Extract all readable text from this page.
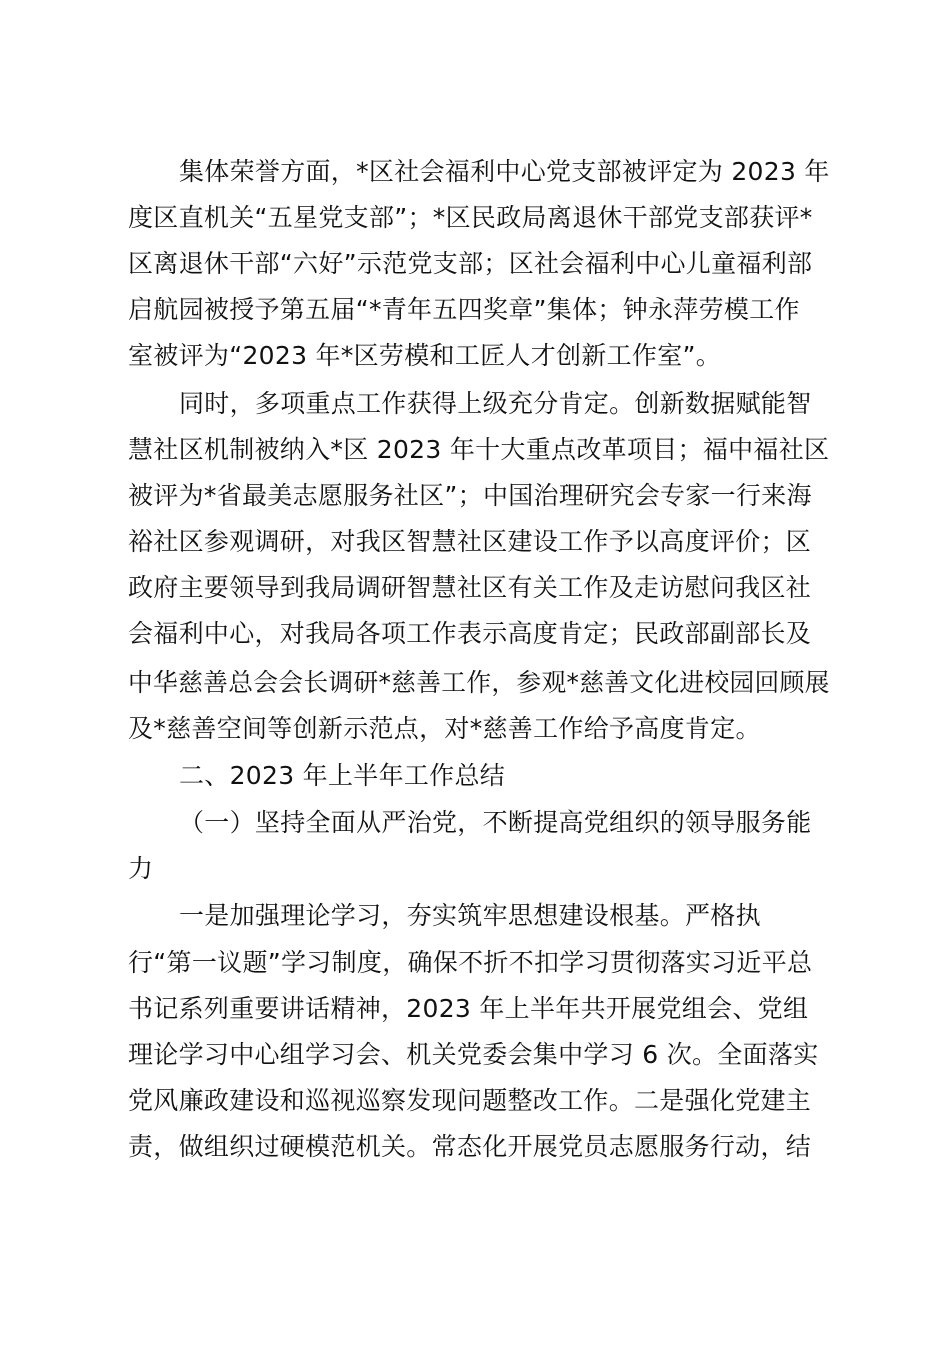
集体荣誉方面，*区社会福利中心党支部被评定为 2023 年
度区直机关“五星党支部”；*区民政局离退休干部党支部获评*
区离退休干部“六好”示范党支部；区社会福利中心儿童福利部
启航园被授予第五届“*青年五四奖章”集体；钟永萍劳模工作
室被评为“2023 年*区劳模和工匠人才创新工作室”。
同时，多项重点工作获得上级充分肯定。创新数据赋能智
慧社区机制被纳入*区 2023 年十大重点改革项目；福中福社区
被评为*省最美志愿服务社区”；中国治理研究会专家一行来海
裕社区参观调研，对我区智慧社区建设工作予以高度评价；区
政府主要领导到我局调研智慧社区有关工作及走访慰问我区社
会福利中心，对我局各项工作表示高度肯定；民政部副部长及
中华慈善总会会长调研*慈善工作，参观*慈善文化进校园回顾展
及*慈善空间等创新示范点，对*慈善工作给予高度肯定。
二、2023 年上半年工作总结
（一）坚持全面从严治党，不断提高党组织的领导服务能
力
一是加强理论学习，夯实筑牢思想建设根基。严格执
行“第一议题”学习制度，确保不折不扣学习贯彻落实习近平总
书记系列重要讲话精神，2023 年上半年共开展党组会、党组
理论学习中心组学习会、机关党委会集中学习 6 次。全面落实
党风廉政建设和巡视巡察发现问题整改工作。二是强化党建主
责，做组织过硬模范机关。常态化开展党员志愿服务行动，结
